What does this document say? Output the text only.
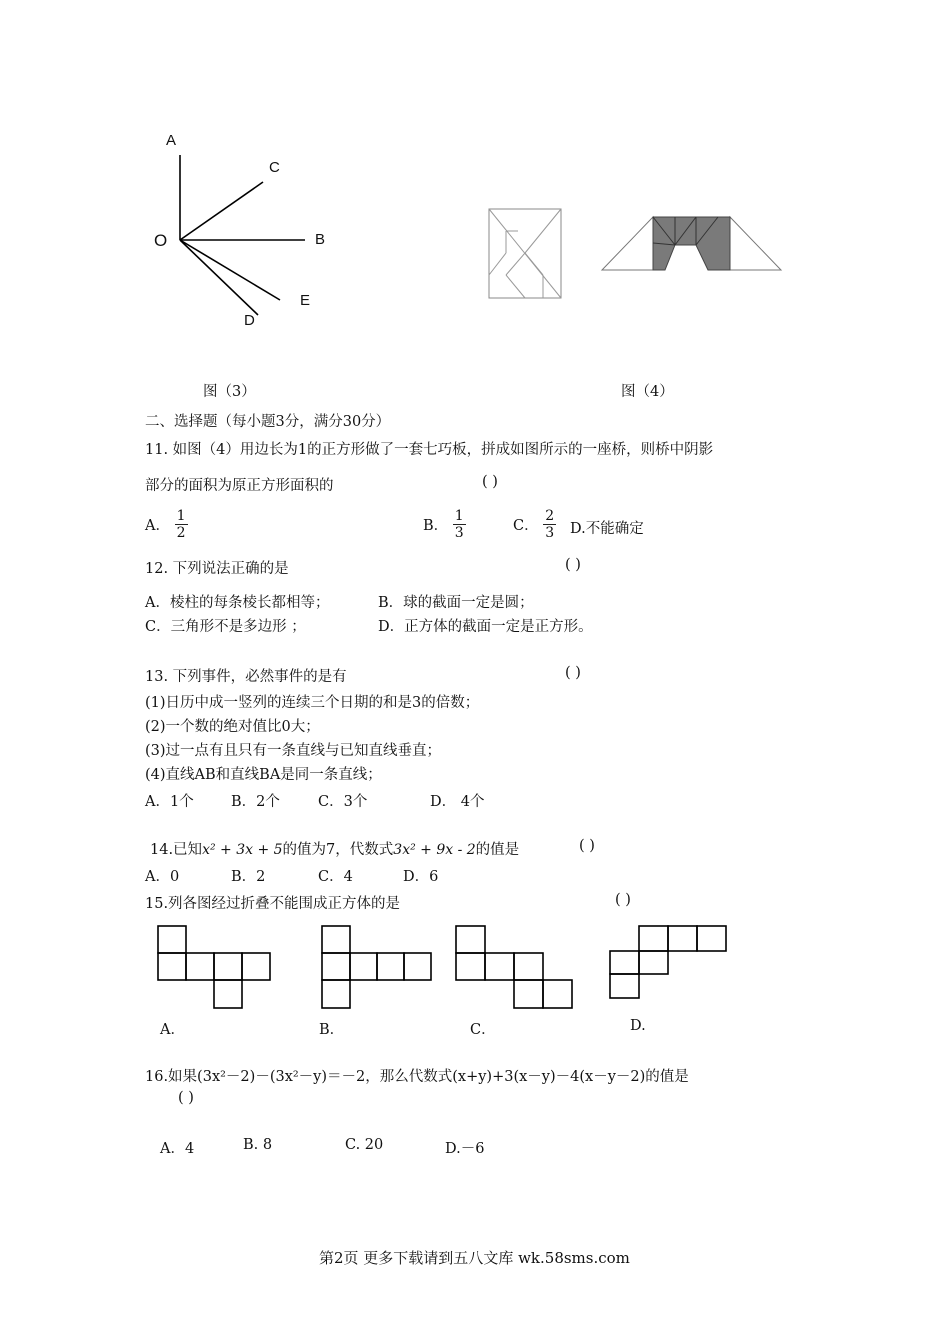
A
C
O	B
E
D
图（3）	图（4）
二、选择题（每小题3分，满分30分）
11. 如图（4）用边长为1的正方形做了一套七巧板，拼成如图所示的一座桥，则桥中阴影
部分的面积为原正方形面积的	( )
A． $\frac{1}{2}$	B． $\frac{1}{3}$	C． $\frac{2}{3} D$.不能确定
12. 下列说法正确的是	( )
A．棱柱的每条棱长都相等；	B．球的截面一定是圆；
C．三角形不是多边形 ；	D．正方体的截面一定是正方形。
13. 下列事件，必然事件的是有	( )
(1)日历中成一竖列的连续三个日期的和是3的倍数；
(2)一个数的绝对值比0大；
(3)过一点有且只有一条直线与已知直线垂直；
(4)直线AB和直线BA是同一条直线；
A．1个	B．2个	C．3个	D． 4个
14.已知x² + 3x + 5的值为7，代数式3x² + 9x - 2的值是	( )
A．0	B．2	C．4	D．6
15.列各图经过折叠不能围成正方体的是	( )
A．	B．	C．	D.
16.如果(3x²－2)－(3x²－y)＝－2，那么代数式(x+y)+3(x－y)－4(x－y－2)的值是
( )
A．4	B. 8	C. 20	D.－6
第2页 更多下载请到五八文库 wk.58sms.com
